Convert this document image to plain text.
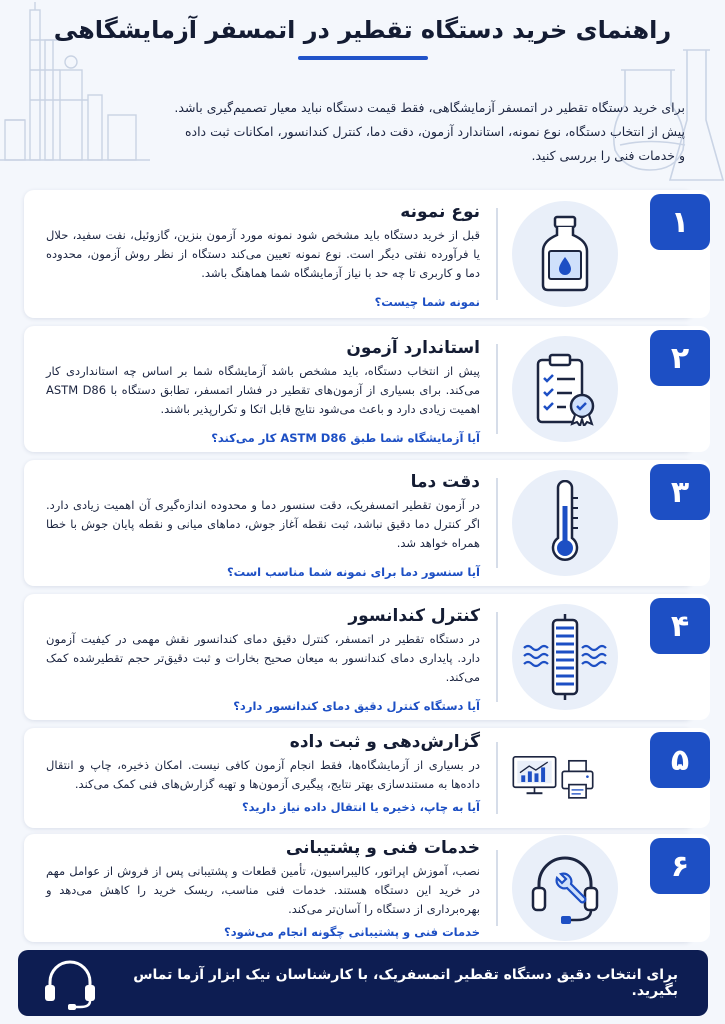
راهنمای خرید دستگاه تقطیر در اتمسفر آزمایشگاهی

برای خرید دستگاه تقطیر در اتمسفر آزمایشگاهی، فقط قیمت دستگاه نباید معیار تصمیم‌گیری باشد.

پیش از انتخاب دستگاه، نوع نمونه، استاندارد آزمون، دقت دما، کنترل کندانسور، امکانات ثبت داده

و خدمات فنی را بررسی کنید.

۱
نوع نمونه
قبل از خرید دستگاه باید مشخص شود نمونه مورد آزمون بنزین، گازوئیل، نفت سفید، حلال یا فرآورده نفتی دیگر است. نوع نمونه تعیین می‌کند دستگاه از نظر روش آزمون، محدوده دما و کاربری تا چه حد با نیاز آزمایشگاه شما هماهنگ باشد.
نمونه شما چیست؟
۲
استاندارد آزمون
پیش از انتخاب دستگاه، باید مشخص باشد آزمایشگاه شما بر اساس چه استانداردی کار می‌کند. برای بسیاری از آزمون‌های تقطیر در فشار اتمسفر، تطابق دستگاه با ASTM D86 اهمیت زیادی دارد و باعث می‌شود نتایج قابل اتکا و تکرارپذیر باشند.
آیا آزمایشگاه شما طبق ASTM D86 کار می‌کند؟
۳
دقت دما
در آزمون تقطیر اتمسفریک، دقت سنسور دما و محدوده اندازه‌گیری آن اهمیت زیادی دارد. اگر کنترل دما دقیق نباشد، ثبت نقطه آغاز جوش، دماهای میانی و نقطه پایان جوش با خطا همراه خواهد شد.
آیا سنسور دما برای نمونه شما مناسب است؟
۴
کنترل کندانسور
در دستگاه تقطیر در اتمسفر، کنترل دقیق دمای کندانسور نقش مهمی در کیفیت آزمون دارد. پایداری دمای کندانسور به میعان صحیح بخارات و ثبت دقیق‌تر حجم تقطیرشده کمک می‌کند.
آیا دستگاه کنترل دقیق دمای کندانسور دارد؟
۵
گزارش‌دهی و ثبت داده
در بسیاری از آزمایشگاه‌ها، فقط انجام آزمون کافی نیست. امکان ذخیره، چاپ و انتقال داده‌ها به مستندسازی بهتر نتایج، پیگیری آزمون‌ها و تهیه گزارش‌های فنی کمک می‌کند.
آیا به چاپ، ذخیره یا انتقال داده نیاز دارید؟
۶
خدمات فنی و پشتیبانی
نصب، آموزش اپراتور، کالیبراسیون، تأمین قطعات و پشتیبانی پس از فروش از عوامل مهم در خرید این دستگاه هستند. خدمات فنی مناسب، ریسک خرید را کاهش می‌دهد و بهره‌برداری از دستگاه را آسان‌تر می‌کند.
خدمات فنی و پشتیبانی چگونه انجام می‌شود؟
برای انتخاب دقیق دستگاه تقطیر اتمسفریک، با کارشناسان نیک ابزار آزما تماس بگیرید.
